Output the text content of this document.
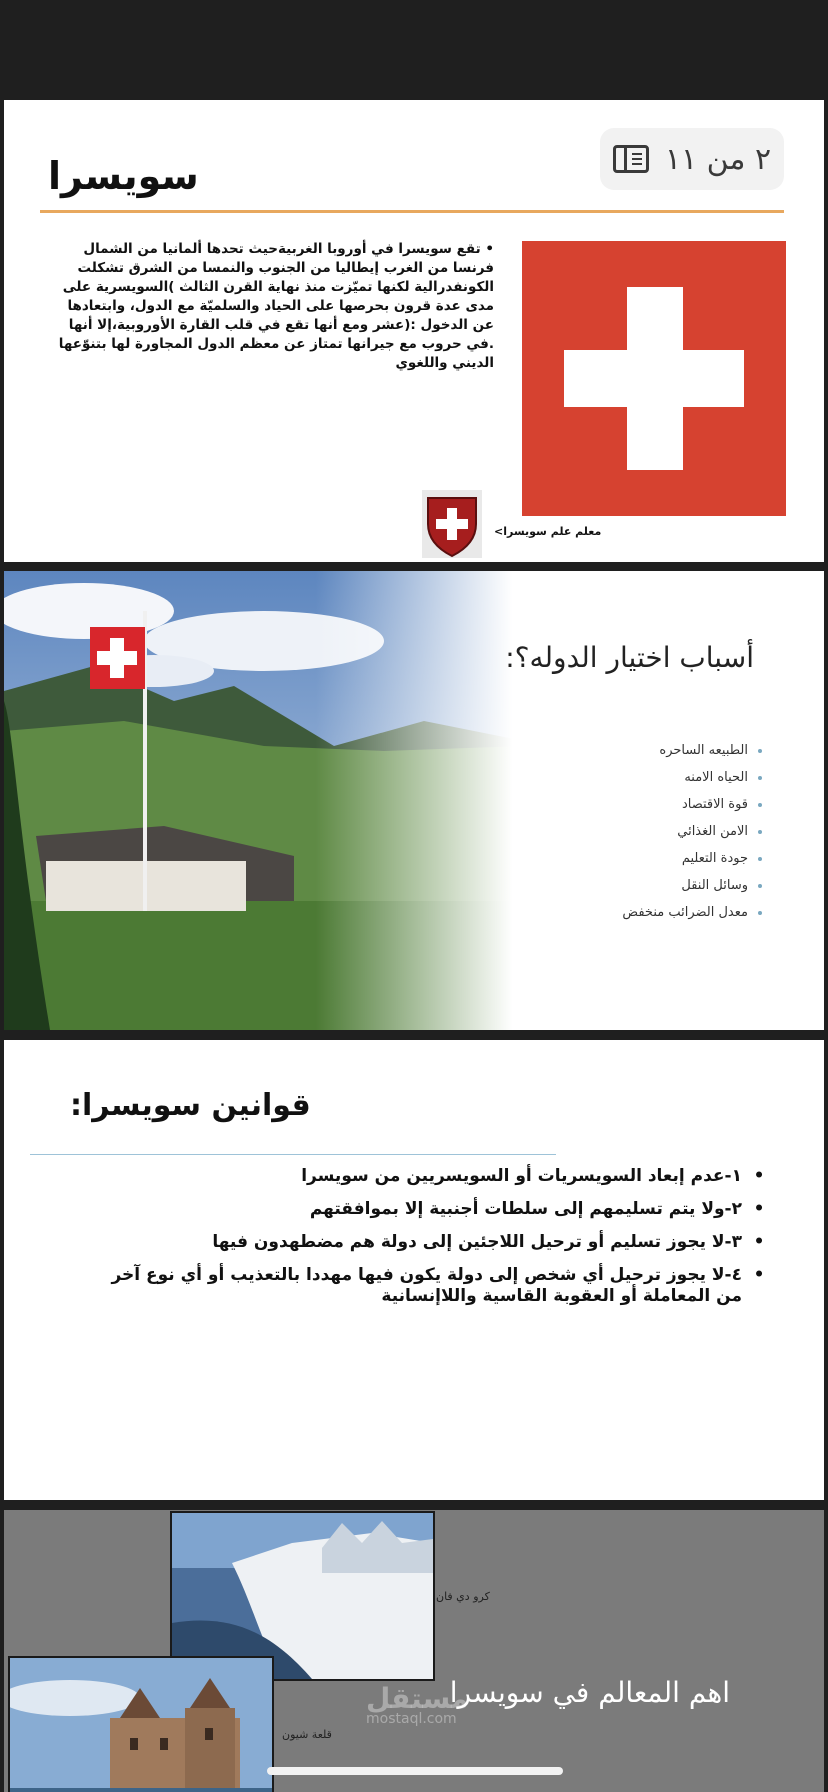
٢ من ١١
سويسرا
• تقع سويسرا في أوروبا الغربيةحيث تحدها ألمانيا من الشمال فرنسا من الغرب إيطاليا من الجنوب والنمسا من الشرق تشكلت الكونفدرالية لكنها تميّزت منذ نهاية القرن الثالث )السويسرية على مدى عدة قرون بحرصها على الحياد والسلميّة مع الدول، وابتعادها عن الدخول :(عشر ومع أنها تقع في قلب القارة الأوروبية،إلا أنها .في حروب مع جيرانها تمتاز عن معظم الدول المجاورة لها بتنوّعها الديني واللغوي
معلم علم سويسرا>
أسباب اختيار الدوله؟:
الطبيعه الساحره
الحياه الامنه
قوة الاقتصاد
الامن الغذائي
جودة التعليم
وسائل النقل
معدل الضرائب منخفض
قوانين سويسرا:
•
١-عدم إبعاد السويسريات أو السويسريين من سويسرا
•
٢-ولا يتم تسليمهم إلى سلطات أجنبية إلا بموافقتهم
•
٣-لا يجوز تسليم أو ترحيل اللاجئين إلى دولة هم مضطهدون فيها
•
٤-لا يجوز ترحيل أي شخص إلى دولة يكون فيها مهددا بالتعذيب أو أي نوع آخر من المعاملة أو العقوبة القاسية واللاإنسانية
كرو دي فان
قلعة شيون
اهم المعالم في سويسرا
مستقل
mostaql.com
